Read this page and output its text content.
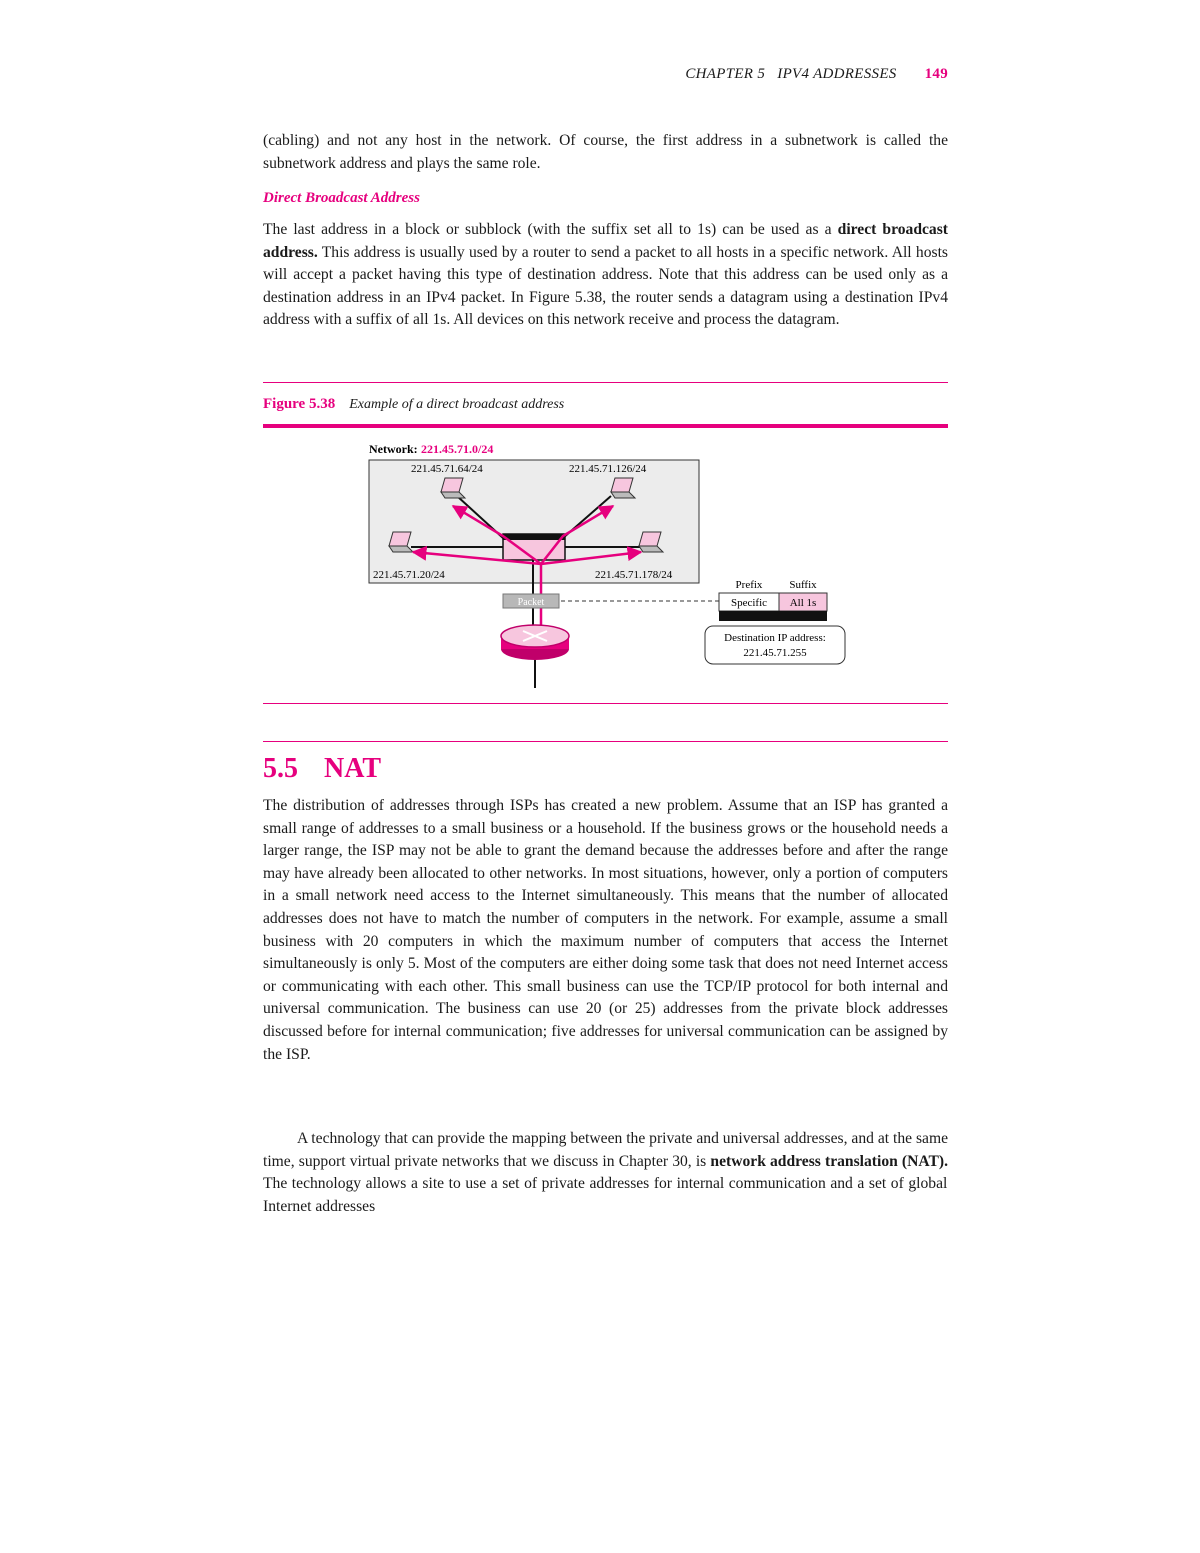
CHAPTER 5   IPV4 ADDRESSES 149

(cabling) and not any host in the network. Of course, the first address in a subnetwork is called the subnetwork address and plays the same role.

Direct Broadcast Address

The last address in a block or subblock (with the suffix set all to 1s) can be used as a direct broadcast address. This address is usually used by a router to send a packet to all hosts in a specific network. All hosts will accept a packet having this type of destination address. Note that this address can be used only as a destination address in an IPv4 packet. In Figure 5.38, the router sends a datagram using a destination IPv4 address with a suffix of all 1s. All devices on this network receive and process the datagram.

Figure 5.38 Example of a direct broadcast address
Network: 221.45.71.0/24
221.45.71.64/24	221.45.71.126/24
221.45.71.20/24	221.45.71.178/24
Packet
Prefix Suffix
Specific All 1s
Destination IP address:
221.45.71.255

5.5 NAT

The distribution of addresses through ISPs has created a new problem. Assume that an ISP has granted a small range of addresses to a small business or a household. If the business grows or the household needs a larger range, the ISP may not be able to grant the demand because the addresses before and after the range may have already been allocated to other networks. In most situations, however, only a portion of computers in a small network need access to the Internet simultaneously. This means that the number of allocated addresses does not have to match the number of computers in the network. For example, assume a small business with 20 computers in which the maximum number of computers that access the Internet simultaneously is only 5. Most of the computers are either doing some task that does not need Internet access or communicating with each other. This small business can use the TCP/IP protocol for both internal and universal communication. The business can use 20 (or 25) addresses from the private block addresses discussed before for internal communication; five addresses for universal communication can be assigned by the ISP.

A technology that can provide the mapping between the private and universal addresses, and at the same time, support virtual private networks that we discuss in Chapter 30, is network address translation (NAT). The technology allows a site to use a set of private addresses for internal communication and a set of global Internet addresses
